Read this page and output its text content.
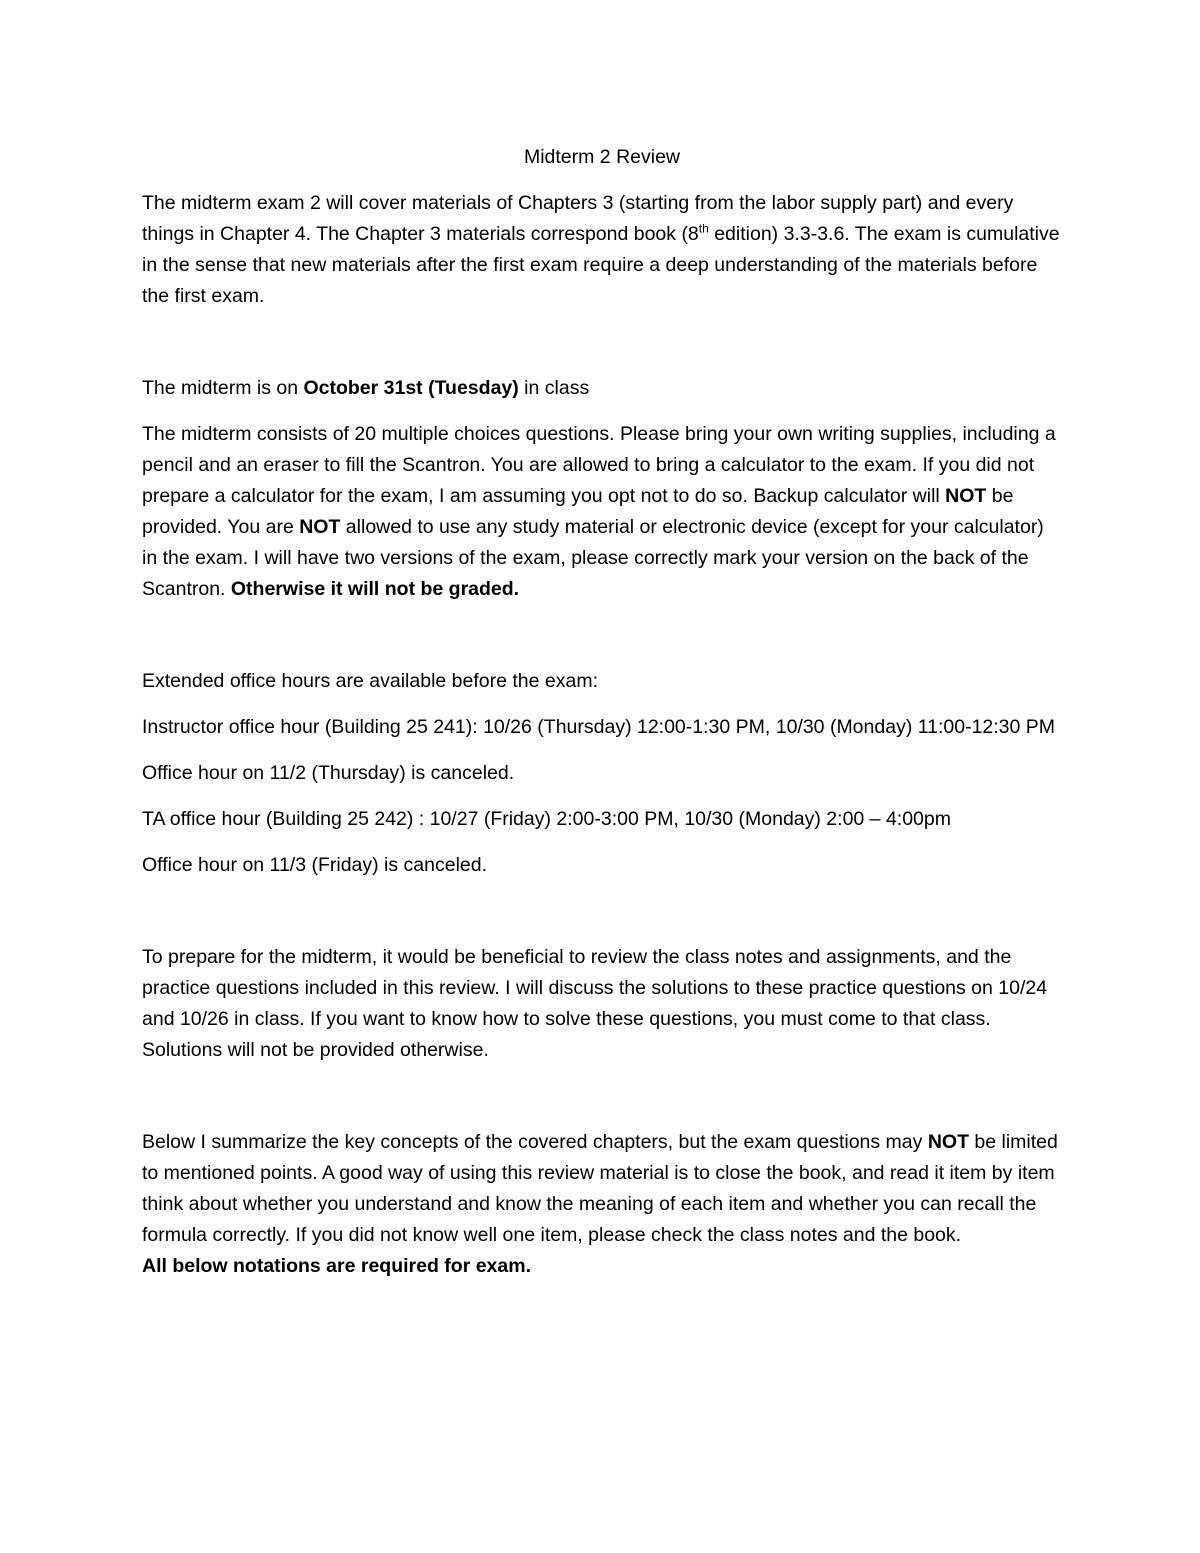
Midterm 2 Review

The midterm exam 2 will cover materials of Chapters 3 (starting from the labor supply part) and every things in Chapter 4. The Chapter 3 materials correspond book (8th edition) 3.3-3.6. The exam is cumulative in the sense that new materials after the first exam require a deep understanding of the materials before the first exam.

The midterm is on October 31st (Tuesday) in class

The midterm consists of 20 multiple choices questions. Please bring your own writing supplies, including a pencil and an eraser to fill the Scantron. You are allowed to bring a calculator to the exam. If you did not prepare a calculator for the exam, I am assuming you opt not to do so. Backup calculator will NOT be provided. You are NOT allowed to use any study material or electronic device (except for your calculator) in the exam. I will have two versions of the exam, please correctly mark your version on the back of the Scantron. Otherwise it will not be graded.

Extended office hours are available before the exam:

Instructor office hour (Building 25 241): 10/26 (Thursday) 12:00-1:30 PM, 10/30 (Monday) 11:00-12:30 PM

Office hour on 11/2 (Thursday) is canceled.

TA office hour (Building 25 242) : 10/27 (Friday) 2:00-3:00 PM, 10/30 (Monday) 2:00 – 4:00pm

Office hour on 11/3 (Friday) is canceled.

To prepare for the midterm, it would be beneficial to review the class notes and assignments, and the practice questions included in this review. I will discuss the solutions to these practice questions on 10/24 and 10/26 in class. If you want to know how to solve these questions, you must come to that class. Solutions will not be provided otherwise.

Below I summarize the key concepts of the covered chapters, but the exam questions may NOT be limited to mentioned points. A good way of using this review material is to close the book, and read it item by item think about whether you understand and know the meaning of each item and whether you can recall the formula correctly. If you did not know well one item, please check the class notes and the book.
All below notations are required for exam.
